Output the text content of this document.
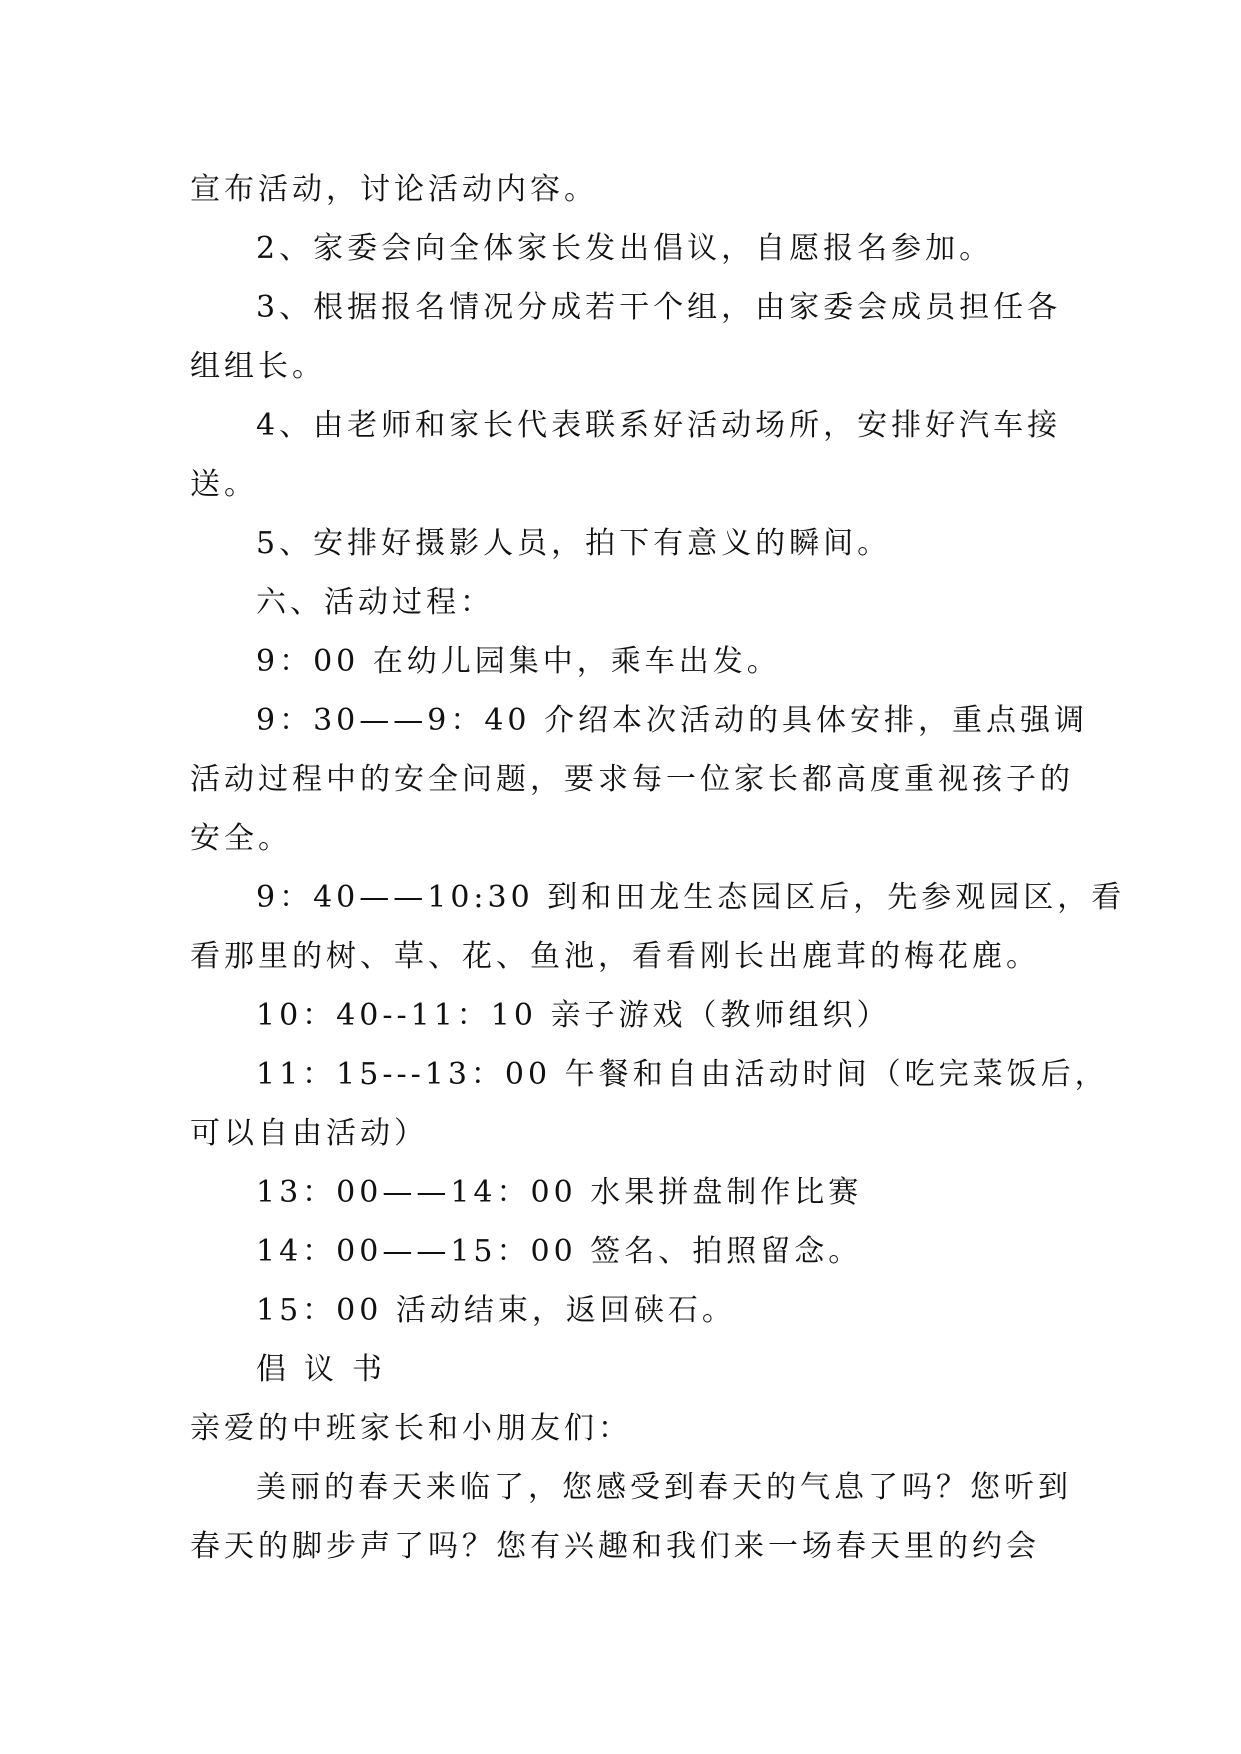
宣布活动，讨论活动内容。
2、家委会向全体家长发出倡议，自愿报名参加。
3、根据报名情况分成若干个组，由家委会成员担任各
组组长。
4、由老师和家长代表联系好活动场所，安排好汽车接
送。
5、安排好摄影人员，拍下有意义的瞬间。
六、活动过程：
9：00 在幼儿园集中，乘车出发。
9：30——9：40 介绍本次活动的具体安排，重点强调
活动过程中的安全问题，要求每一位家长都高度重视孩子的
安全。
9：40——10:30 到和田龙生态园区后，先参观园区，看
看那里的树、草、花、鱼池，看看刚长出鹿茸的梅花鹿。
10：40--11：10 亲子游戏（教师组织）
11：15---13：00 午餐和自由活动时间（吃完菜饭后，
可以自由活动）
13：00——14：00 水果拼盘制作比赛
14：00——15：00 签名、拍照留念。
15：00 活动结束，返回硖石。
倡议书
亲爱的中班家长和小朋友们：
美丽的春天来临了，您感受到春天的气息了吗？您听到
春天的脚步声了吗？您有兴趣和我们来一场春天里的约会
